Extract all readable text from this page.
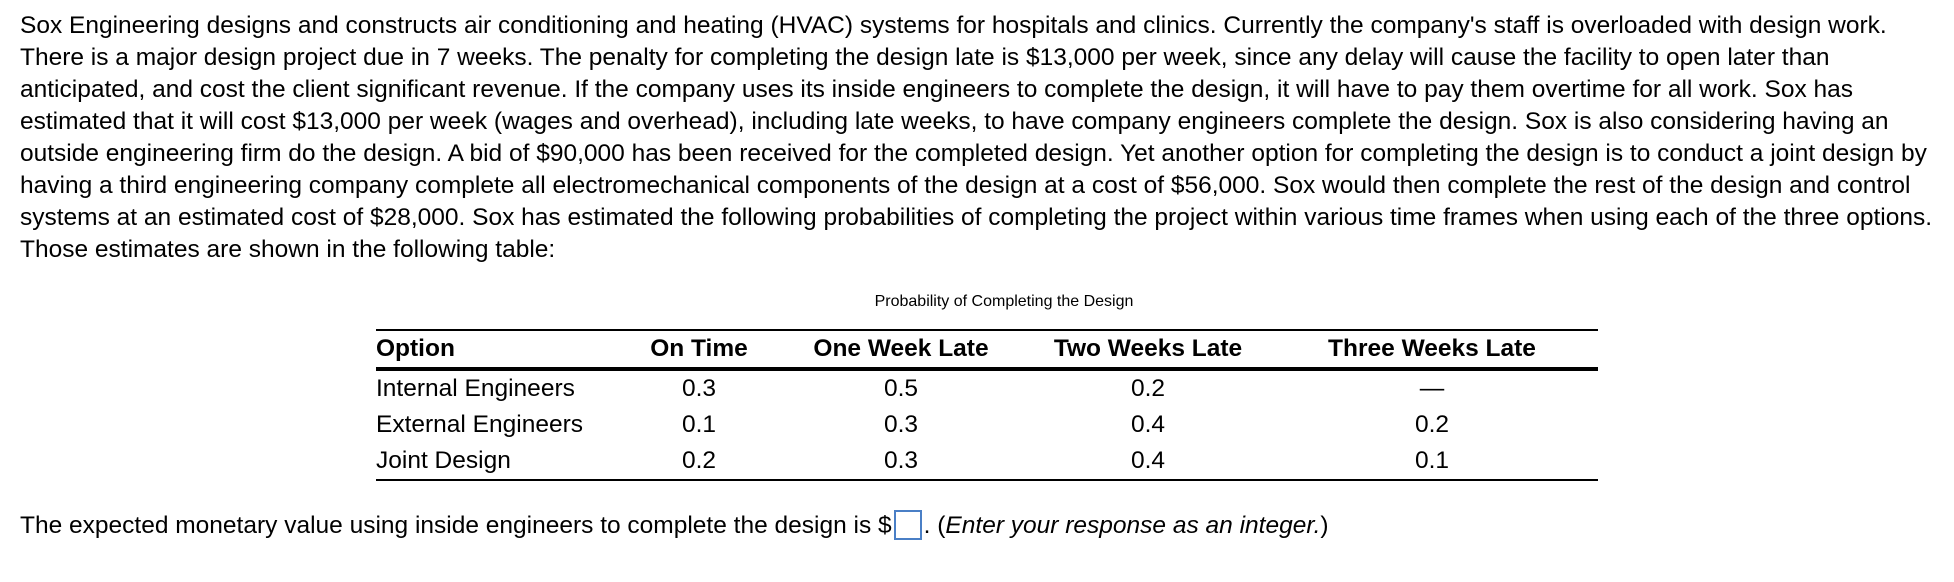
Sox Engineering designs and constructs air conditioning and heating (HVAC) systems for hospitals and clinics. Currently the company's staff is overloaded with design work. There is a major design project due in 7 weeks. The penalty for completing the design late is $13,000 per week, since any delay will cause the facility to open later than anticipated, and cost the client significant revenue. If the company uses its inside engineers to complete the design, it will have to pay them overtime for all work. Sox has estimated that it will cost $13,000 per week (wages and overhead), including late weeks, to have company engineers complete the design. Sox is also considering having an outside engineering firm do the design. A bid of $90,000 has been received for the completed design. Yet another option for completing the design is to conduct a joint design by having a third engineering company complete all electromechanical components of the design at a cost of $56,000. Sox would then complete the rest of the design and control systems at an estimated cost of $28,000. Sox has estimated the following probabilities of completing the project within various time frames when using each of the three options. Those estimates are shown in the following table:

Probability of Completing the Design
Option	On Time	One Week Late	Two Weeks Late	Three Weeks Late
Internal Engineers	0.3	0.5	0.2	—
External Engineers	0.1	0.3	0.4	0.2
Joint Design	0.2	0.3	0.4	0.1
The expected monetary value using inside engineers to complete the design is $ . (Enter your response as an integer.)
